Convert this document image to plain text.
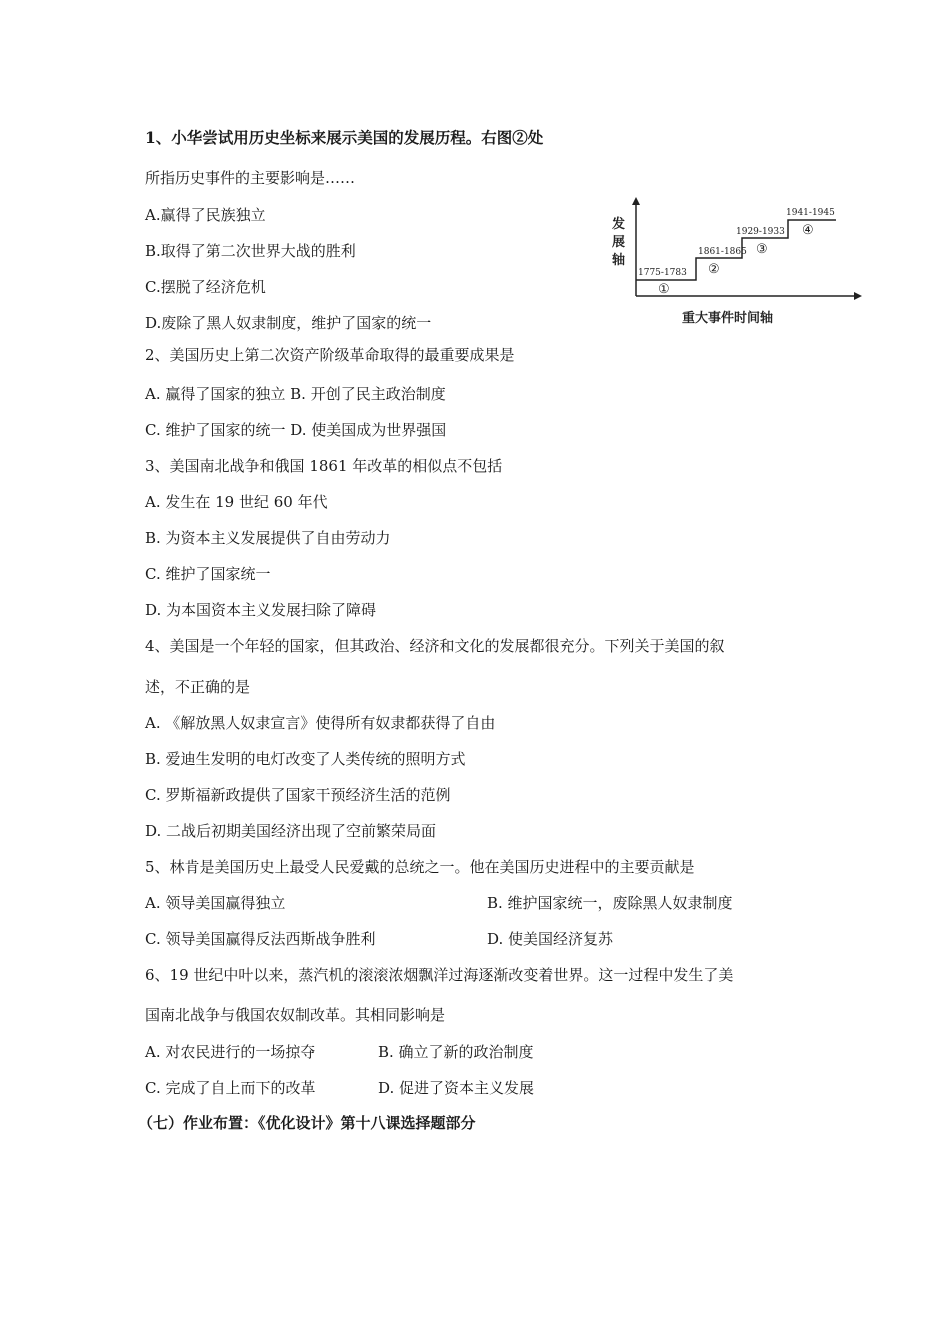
1、小华尝试用历史坐标来展示美国的发展历程。右图②处
所指历史事件的主要影响是……
A.赢得了民族独立
B.取得了第二次世界大战的胜利
C.摆脱了经济危机
D.废除了黑人奴隶制度，维护了国家的统一
发
展
轴
1775-1783
1861-1865
1929-1933
1941-1945
①
②
③
④
重大事件时间轴
2、美国历史上第二次资产阶级革命取得的最重要成果是
A. 赢得了国家的独立 B. 开创了民主政治制度
C. 维护了国家的统一 D. 使美国成为世界强国
3、美国南北战争和俄国 1861 年改革的相似点不包括
A. 发生在 19 世纪 60 年代
B. 为资本主义发展提供了自由劳动力
C. 维护了国家统一
D. 为本国资本主义发展扫除了障碍
4、美国是一个年轻的国家，但其政治、经济和文化的发展都很充分。下列关于美国的叙
述，不正确的是
A. 《解放黑人奴隶宣言》使得所有奴隶都获得了自由
B. 爱迪生发明的电灯改变了人类传统的照明方式
C. 罗斯福新政提供了国家干预经济生活的范例
D. 二战后初期美国经济出现了空前繁荣局面
5、林肯是美国历史上最受人民爱戴的总统之一。他在美国历史进程中的主要贡献是
A. 领导美国赢得独立	B. 维护国家统一，废除黑人奴隶制度
C. 领导美国赢得反法西斯战争胜利	D. 使美国经济复苏
6、19 世纪中叶以来，蒸汽机的滚滚浓烟飘洋过海逐渐改变着世界。这一过程中发生了美
国南北战争与俄国农奴制改革。其相同影响是
A. 对农民进行的一场掠夺	B. 确立了新的政治制度
C. 完成了自上而下的改革	D. 促进了资本主义发展
（七）作业布置：《优化设计》第十八课选择题部分
